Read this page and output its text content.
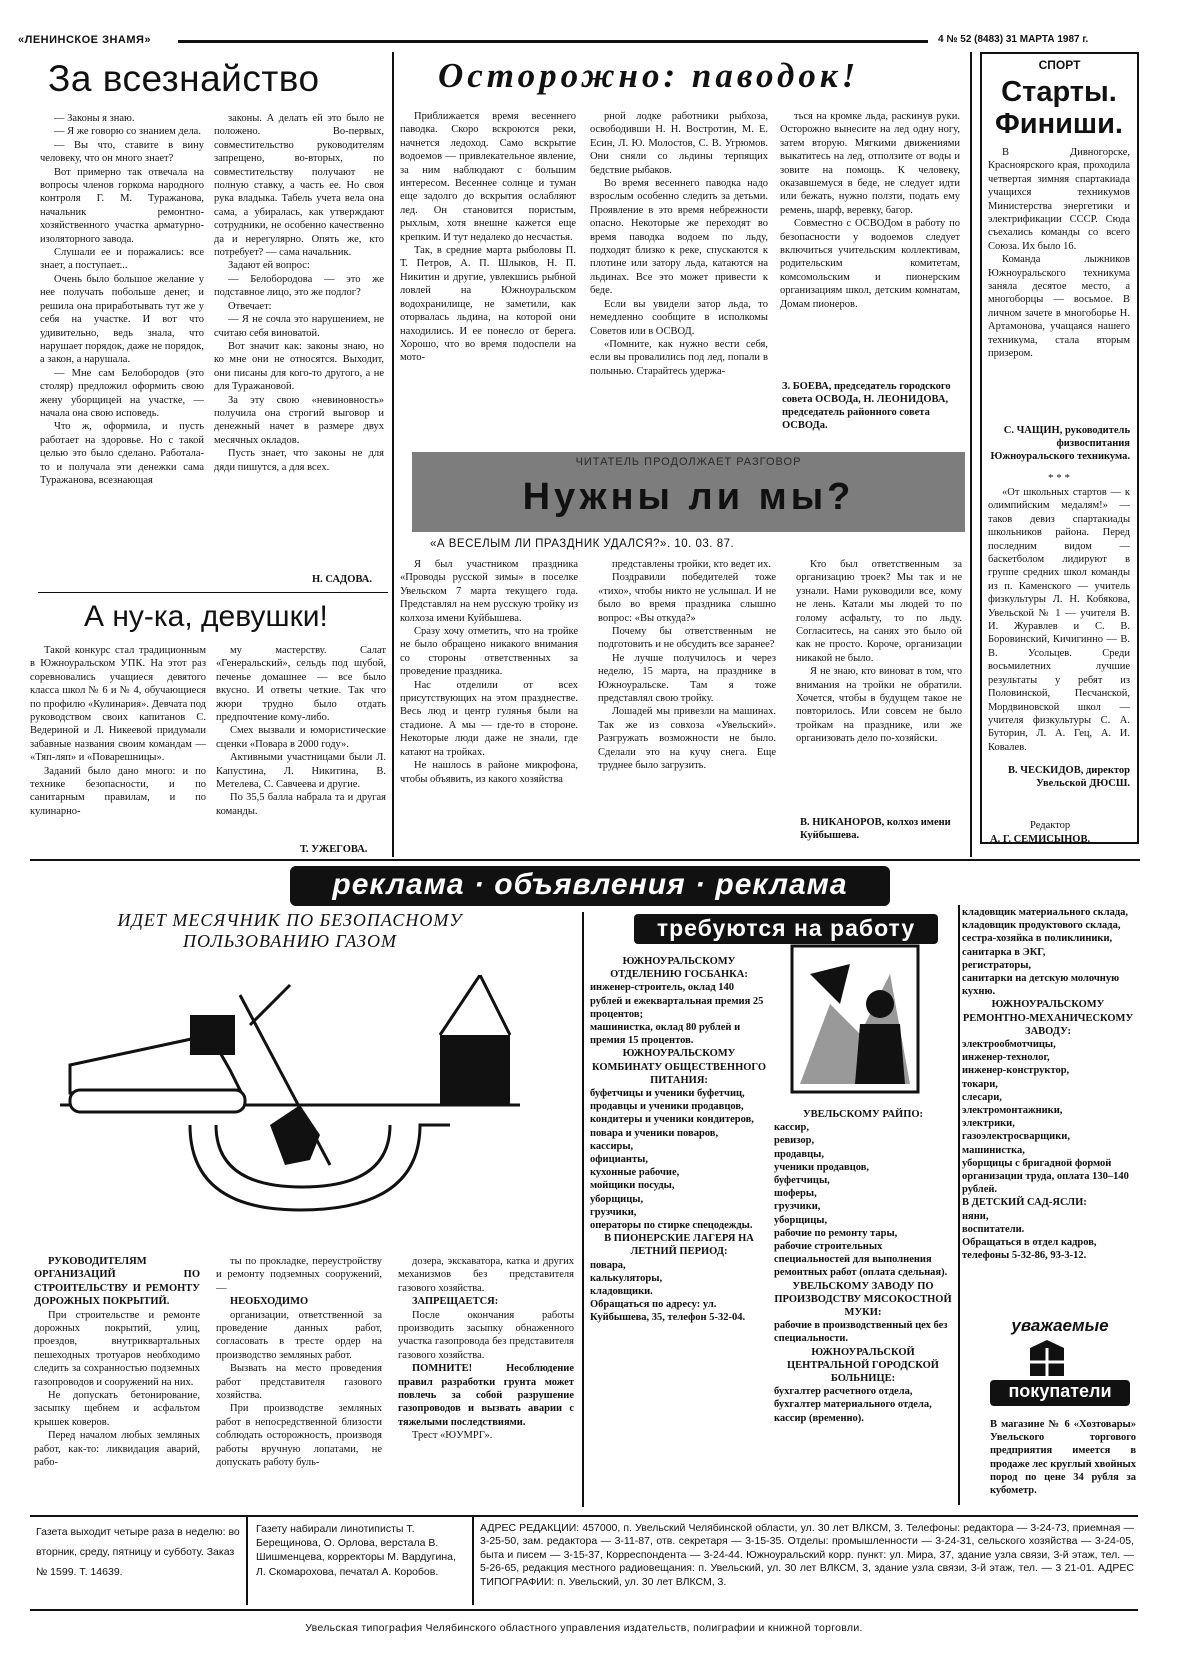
«ЛЕНИНСКОЕ ЗНАМЯ»	4 № 52 (8483) 31 МАРТА 1987 г.
За всезнайство

— Законы я знаю.

— Я же говорю со знанием дела.

— Вы что, ставите в вину человеку, что он много знает?

Вот примерно так отвечала на вопросы членов горкома народного контроля Г. М. Туражанова, начальник ремонтно-хозяйственного участка арматурно-изоляторного завода.

Слушали ее и поражались: все знает, а поступает...

Очень было большое желание у нее получать побольше денег, и решила она приработывать тут же у себя на участке. И вот что удивительно, ведь знала, что нарушает порядок, даже не порядок, а закон, а нарушала.

— Мне сам Белобородов (это столяр) предложил оформить свою жену уборщицей на участке, — начала она свою исповедь.

Что ж, оформила, и пусть работает на здоровье. Но с такой целью это было сделано. Работала-то и получала эти денежки сама Туражанова, всезнающая

законы. А делать ей это было не положено. Во-первых, совместительство руководителям запрещено, во-вторых, по совместительству получают не полную ставку, а часть ее. Но своя рука владыка. Табель учета вела она сама, а убиралась, как утверждают сотрудники, не особенно качественно да и нерегулярно. Опять же, кто потребует? — сама начальник.

Задают ей вопрос:

— Белобородова — это же подставное лицо, это же подлог?

Отвечает:

— Я не сочла это нарушением, не считаю себя виноватой.

Вот значит как: законы знаю, но ко мне они не относятся. Выходит, они писаны для кого-то другого, а не для Туражановой.

За эту свою «невиновность» получила она строгий выговор и денежный начет в размере двух месячных окладов.

Пусть знает, что законы не для дяди пишутся, а для всех.

Н. САДОВА.
А ну-ка, девушки!

Такой конкурс стал традиционным в Южноуральском УПК. На этот раз соревновались учащиеся девятого класса школ № 6 и № 4, обучающиеся по профилю «Кулинария». Девчата под руководством своих капитанов С. Ведериной и Л. Никеевой придумали забавные названия своим командам — «Тяп-ляп» и «Поварешницы».

Заданий было дано много: и по технике безопасности, и по санитарным правилам, и по кулинарно-

му мастерству. Салат «Генеральский», сельдь под шубой, печенье домашнее — все было вкусно. И ответы четкие. Так что жюри трудно было отдать предпочтение кому-либо.

Смех вызвали и юмористические сценки «Повара в 2000 году».

Активными участницами были Л. Капустина, Л. Никитина, В. Метелева, С. Савчеева и другие.

По 35,5 балла набрала та и другая команды.

Т. УЖЕГОВА.
Осторожно: паводок!

Приближается время весеннего паводка. Скоро вскроются реки, начнется ледоход. Само вскрытие водоемов — привлекательное явление, за ним наблюдают с большим интересом. Весеннее солнце и туман еще задолго до вскрытия ослабляют лед. Он становится пористым, рыхлым, хотя внешне кажется еще крепким. И тут недалеко до несчастья.

Так, в средние марта рыболовы П. Т. Петров, А. П. Шлыков, Н. П. Никитин и другие, увлекшись рыбной ловлей на Южноуральском водохранилище, не заметили, как оторвалась льдина, на которой они находились. И ее понесло от берега. Хорошо, что во время подоспели на мото-

рной лодке работники рыбхоза, освободивши Н. Н. Востротин, М. Е. Есин, Л. Ю. Молостов, С. В. Угрюмов. Они сняли со льдины терпящих бедствие рыбаков.

Во время весеннего паводка надо взрослым особенно следить за детьми. Проявление в это время небрежности опасно. Некоторые же переходят во время паводка водоем по льду, подходят близко к реке, спускаются к плотине или затору льда, катаются на льдинах. Все это может привести к беде.

Если вы увидели затор льда, то немедленно сообщите в исполкомы Советов или в ОСВОД.

«Помните, как нужно вести себя, если вы провалились под лед, попали в полынью. Старайтесь удержа-

ться на кромке льда, раскинув руки. Осторожно вынесите на лед одну ногу, затем вторую. Мягкими движениями выкатитесь на лед, отползите от воды и зовите на помощь. К человеку, оказавшемуся в беде, не следует идти или бежать, нужно ползти, подать ему ремень, шарф, веревку, багор.

Совместно с ОСВОДом в работу по безопасности у водоемов следует включиться учительским коллективам, родительским комитетам, комсомольским и пионерским организациям школ, детским комнатам, Домам пионеров.

З. БОЕВА, председатель городского совета ОСВОДа, Н. ЛЕОНИДОВА, председатель районного совета ОСВОДа.
ЧИТАТЕЛЬ ПРОДОЛЖАЕТ РАЗГОВОР
Нужны ли мы?
«А ВЕСЕЛЫМ ЛИ ПРАЗДНИК УДАЛСЯ?». 10. 03. 87.

Я был участником праздника «Проводы русской зимы» в поселке Увельском 7 марта текущего года. Представлял на нем русскую тройку из колхоза имени Куйбышева.

Сразу хочу отметить, что на тройке не было обращено никакого внимания со стороны ответственных за проведение праздника.

Нас отделили от всех присутствующих на этом празднестве. Весь люд и центр гулянья были на стадионе. А мы — где-то в стороне. Некоторые люди даже не знали, где катают на тройках.

Не нашлось в районе микрофона, чтобы объявить, из какого хозяйства

представлены тройки, кто ведет их.

Поздравили победителей тоже «тихо», чтобы никто не услышал. И не было во время праздника слышно вопрос: «Вы откуда?»

Почему бы ответственным не подготовить и не обсудить все заранее?

Не лучше получилось и через неделю, 15 марта, на празднике в Южноуральске. Там я тоже представлял свою тройку.

Лошадей мы привезли на машинах. Так же из совхоза «Увельский». Разгружать возможности не было. Сделали это на кучу снега. Еще труднее было загрузить.

Кто был ответственным за организацию троек? Мы так и не узнали. Нами руководили все, кому не лень. Катали мы людей то по голому асфальту, то по льду. Согласитесь, на санях это было ой как не просто. Короче, организации никакой не было.

Я не знаю, кто виноват в том, что внимания на тройки не обратили. Хочется, чтобы в будущем такое не повторилось. Или совсем не было тройкам на празднике, или же организовать дело по-хозяйски.

В. НИКАНОРОВ, колхоз имени Куйбышева.
СПОРТ
Старты. Финиши.

В Дивногорске, Красноярского края, проходила четвертая зимняя спартакиада учащихся техникумов Министерства энергетики и электрификации СССР. Сюда съехались команды со всего Союза. Их было 16.

Команда лыжников Южноуральского техникума заняла десятое место, а многоборцы — восьмое. В личном зачете в многоборье Н. Артамонова, учащаяся нашего техникума, стала вторым призером.

С. ЧАЩИН, руководитель физвоспитания Южноуральского техникума.
* * *

«От школьных стартов — к олимпийским медалям!» — таков девиз спартакиады школьников района. Перед последним видом — баскетболом лидируют в группе средних школ команды из п. Каменского — учитель физкультуры Л. Н. Кобякова, Увельской № 1 — учителя В. И. Журавлев и С. В. Боровинский, Кичигинно — В. В. Усольцев. Среди восьмилетних лучшие результаты у ребят из Половинской, Песчанской, Мордвиновской школ — учителя физкультуры С. А. Буторин, Л. А. Гец, А. И. Ковалев.

В. ЧЕСКИДОВ, директор Увельской ДЮСШ.
Редактор
А. Г. СЕМИСЫНОВ.
реклама · объявления · реклама
ИДЕТ МЕСЯЧНИК ПО БЕЗОПАСНОМУ ПОЛЬЗОВАНИЮ ГАЗОМ

РУКОВОДИТЕЛЯМ ОРГАНИЗАЦИЙ ПО СТРОИТЕЛЬСТВУ И РЕМОНТУ ДОРОЖНЫХ ПОКРЫТИЙ.

При строительстве и ремонте дорожных покрытий, улиц, проездов, внутриквартальных пешеходных тротуаров необходимо следить за сохранностью подземных газопроводов и сооружений на них.

Не допускать бетонирование, засыпку щебнем и асфальтом крышек коверов.

Перед началом любых земляных работ, как-то: ликвидация аварий, рабо-

ты по прокладке, переустройству и ремонту подземных сооружений, —

НЕОБХОДИМО

организации, ответственной за проведение данных работ, согласовать в тресте ордер на производство земляных работ.

Вызвать на место проведения работ представителя газового хозяйства.

При производстве земляных работ в непосредственной близости соблюдать осторожность, производя работы вручную лопатами, не допускать работу буль-

дозера, экскаватора, катка и других механизмов без представителя газового хозяйства.

ЗАПРЕЩАЕТСЯ:

После окончания работы производить засыпку обнаженного участка газопровода без представителя газового хозяйства.

ПОМНИТЕ! Несоблюдение правил разработки грунта может повлечь за собой разрушение газопроводов и вызвать аварии с тяжелыми последствиями.

Трест «ЮУМРГ».

требуются на работу

ЮЖНОУРАЛЬСКОМУ ОТДЕЛЕНИЮ ГОСБАНКА:

инженер-строитель, оклад 140 рублей и ежеквартальная премия 25 процентов;

машинистка, оклад 80 рублей и премия 15 процентов.

ЮЖНОУРАЛЬСКОМУ КОМБИНАТУ ОБЩЕСТВЕННОГО ПИТАНИЯ:

буфетчицы и ученики буфетчиц,

продавцы и ученики продавцов,

кондитеры и ученики кондитеров,

повара и ученики поваров,

кассиры,

официанты,

кухонные рабочие,

мойщики посуды,

уборщицы,

грузчики,

операторы по стирке спецодежды.

В ПИОНЕРСКИЕ ЛАГЕРЯ НА ЛЕТНИЙ ПЕРИОД:

повара,

калькуляторы,

кладовщики.

Обращаться по адресу: ул. Куйбышева, 35, телефон 5-32-04.

УВЕЛЬСКОМУ РАЙПО:

кассир,

ревизор,

продавцы,

ученики продавцов,

буфетчицы,

шоферы,

грузчики,

уборщицы,

рабочие по ремонту тары,

рабочие строительных специальностей для выполнения ремонтных работ (оплата сдельная).

УВЕЛЬСКОМУ ЗАВОДУ ПО ПРОИЗВОДСТВУ МЯСОКОСТНОЙ МУКИ:

рабочие в производственный цех без специальности.

ЮЖНОУРАЛЬСКОЙ ЦЕНТРАЛЬНОЙ ГОРОДСКОЙ БОЛЬНИЦЕ:

бухгалтер расчетного отдела,

бухгалтер материального отдела,

кассир (временно).

кладовщик материального склада,

кладовщик продуктового склада,

сестра-хозяйка в поликлиники,

санитарка в ЭКГ,

регистраторы,

санитарки на детскую молочную кухню.

ЮЖНОУРАЛЬСКОМУ РЕМОНТНО-МЕХАНИЧЕСКОМУ ЗАВОДУ:

электрообмотчицы,

инженер-технолог,

инженер-конструктор,

токари,

слесари,

электромонтажники,

электрики,

газоэлектросварщики,

машинистка,

уборщицы с бригадной формой организации труда, оплата 130–140 рублей.

В ДЕТСКИЙ САД-ЯСЛИ:

няни,

воспитатели.

Обращаться в отдел кадров, телефоны 5-32-86, 93-3-12.

уважаемые
покупатели
В магазине № 6 «Хозтовары» Увельского торгового предприятия имеется в продаже лес круглый хвойных пород по цене 34 рубля за кубометр.
Газета выходит четыре раза в неделю: во вторник, среду, пятницу и субботу. Заказ № 1599. Т. 14639.
Газету набирали линотиписты Т. Берещинова, О. Орлова, верстала В. Шишменцева, корректоры М. Вардугина, Л. Скомарохова, печатал А. Коробов.
АДРЕС РЕДАКЦИИ: 457000, п. Увельский Челябинской области, ул. 30 лет ВЛКСМ, 3. Телефоны: редактора — 3-24-73, приемная — 3-25-50, зам. редактора — 3-11-87, отв. секретаря — 3-15-35. Отделы: промышленности — 3-24-31, сельского хозяйства — 3-24-05, быта и писем — 3-15-37, Корреспондента — 3-24-44. Южноуральский корр. пункт: ул. Мира, 37, здание узла связи, 3-й этаж, тел. — 5-26-65, редакция местного радиовещания: п. Увельский, ул. 30 лет ВЛКСМ, 3, здание узла связи, 3-й этаж, тел. — 3 21-01. АДРЕС ТИПОГРАФИИ: п. Увельский, ул. 30 лет ВЛКСМ, 3.
Увельская типография Челябинского областного управления издательств, полиграфии и книжной торговли.
